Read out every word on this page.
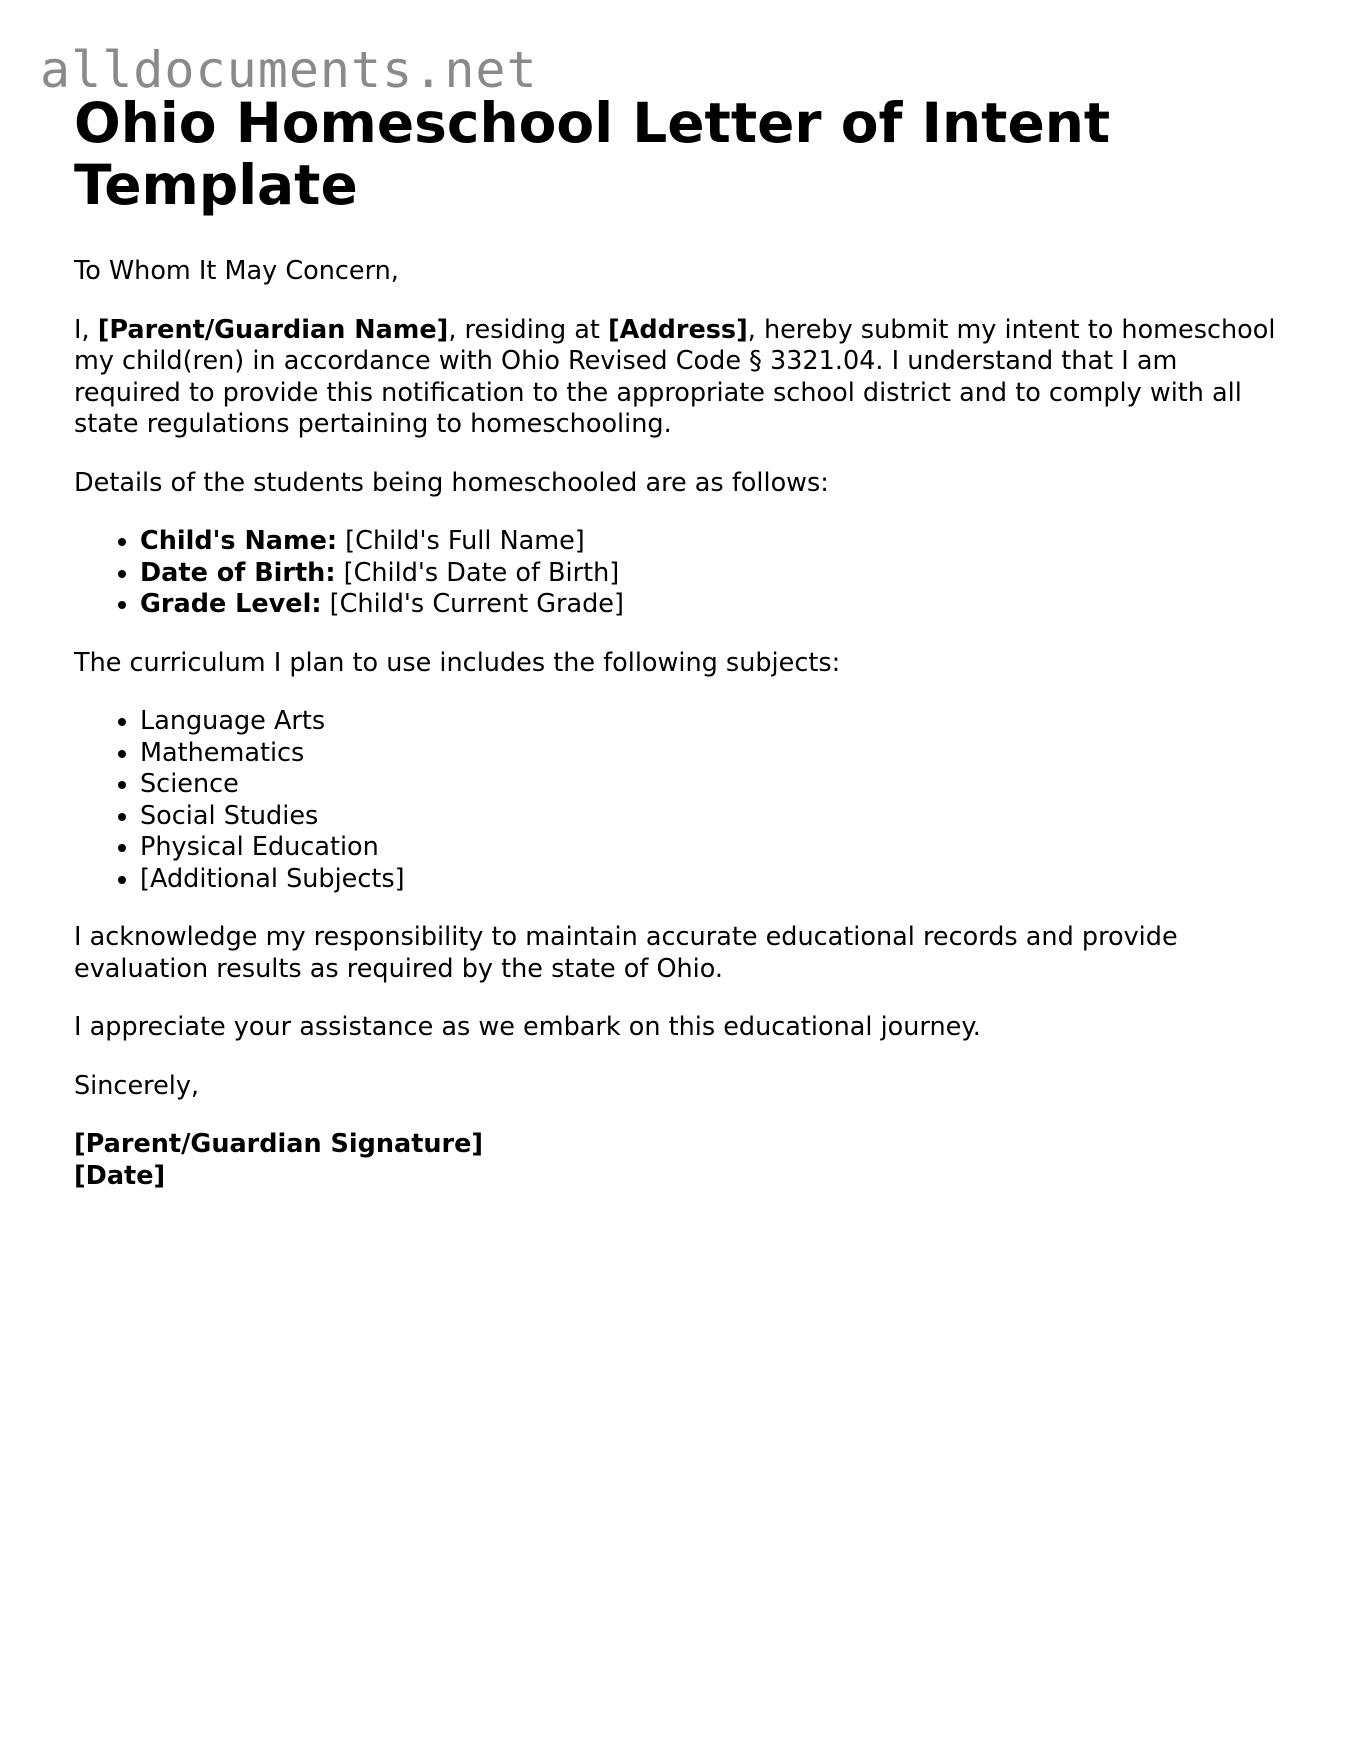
alldocuments.net
Ohio Homeschool Letter of Intent Template

To Whom It May Concern,

I, [Parent/Guardian Name], residing at [Address], hereby submit my intent to homeschool my child(ren) in accordance with Ohio Revised Code § 3321.04. I understand that I am required to provide this notification to the appropriate school district and to comply with all state regulations pertaining to homeschooling.

Details of the students being homeschooled are as follows:

• Child's Name: [Child's Full Name]
• Date of Birth: [Child's Date of Birth]
• Grade Level: [Child's Current Grade]

The curriculum I plan to use includes the following subjects:

• Language Arts
• Mathematics
• Science
• Social Studies
• Physical Education
• [Additional Subjects]

I acknowledge my responsibility to maintain accurate educational records and provide evaluation results as required by the state of Ohio.

I appreciate your assistance as we embark on this educational journey.

Sincerely,

[Parent/Guardian Signature]

[Date]
